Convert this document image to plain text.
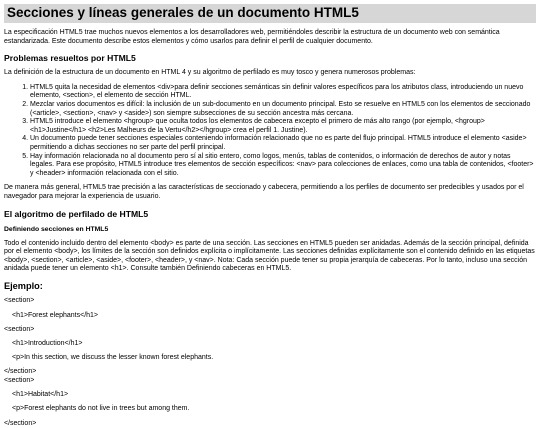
Secciones y líneas generales de un documento HTML5

La especificación HTML5 trae muchos nuevos elementos a los desarrolladores web, permitiéndoles describir la estructura de un documento web con semántica estandarizada. Este documento describe estos elementos y cómo usarlos para definir el perfil de cualquier documento.

Problemas resueltos por HTML5

La definición de la estructura de un documento en HTML 4 y su algoritmo de perfilado es muy tosco y genera numerosos problemas:

1. HTML5 quita la necesidad de elementos <div>para definir secciones semánticas sin definir valores específicos para los atributos class, introduciendo un nuevo elemento, <section>, el elemento de sección HTML.
2. Mezclar varios documentos es difícil: la inclusión de un sub-documento en un documento principal. Esto se resuelve en HTML5 con los elementos de seccionado (<article>, <section>, <nav> y <aside>) son siempre subsecciones de su sección ancestra más cercana.
3. HTML5 introduce el elemento <hgroup> que oculta todos los elementos de cabecera excepto el primero de más alto rango (por ejemplo, <hgroup> <h1>Justine</h1> <h2>Les Malheurs de la Vertu</h2></hgroup> crea el perfil 1. Justine).
4. Un documento puede tener secciones especiales conteniendo información relacionado que no es parte del flujo principal. HTML5 introduce el elemento <aside> permitiendo a dichas secciones no ser parte del perfil principal.
5. Hay información relacionada no al documento pero sí al sitio entero, como logos, menús, tablas de contenidos, o información de derechos de autor y notas legales. Para ese propósito, HTML5 introduce tres elementos de sección específicos: <nav> para colecciones de enlaces, como una tabla de contenidos, <footer> y <header> información relacionada con el sitio.

De manera más general, HTML5 trae precisión a las características de seccionado y cabecera, permitiendo a los perfiles de documento ser predecibles y usados por el navegador para mejorar la experiencia de usuario.

El algoritmo de perfilado de HTML5
Definiendo secciones en HTML5

Todo el contenido incluido dentro del elemento <body> es parte de una sección. Las secciones en HTML5 pueden ser anidadas. Además de la sección principal, definida por el elemento <body>, los límites de la sección son definidos explícita o implícitamente. Las secciones definidas explícitamente son el contenido definido en las etiquetas <body>, <section>, <article>, <aside>, <footer>, <header>, y <nav>. Nota: Cada sección puede tener su propia jerarquía de cabeceras. Por lo tanto, incluso una sección anidada puede tener un elemento <h1>. Consulte también Definiendo cabeceras en HTML5.

Ejemplo:

<section>

<h1>Forest elephants</h1>

<section>

<h1>Introduction</h1>

<p>In this section, we discuss the lesser known forest elephants.

</section>

<section>

<h1>Habitat</h1>

<p>Forest elephants do not live in trees but among them.

</section>
